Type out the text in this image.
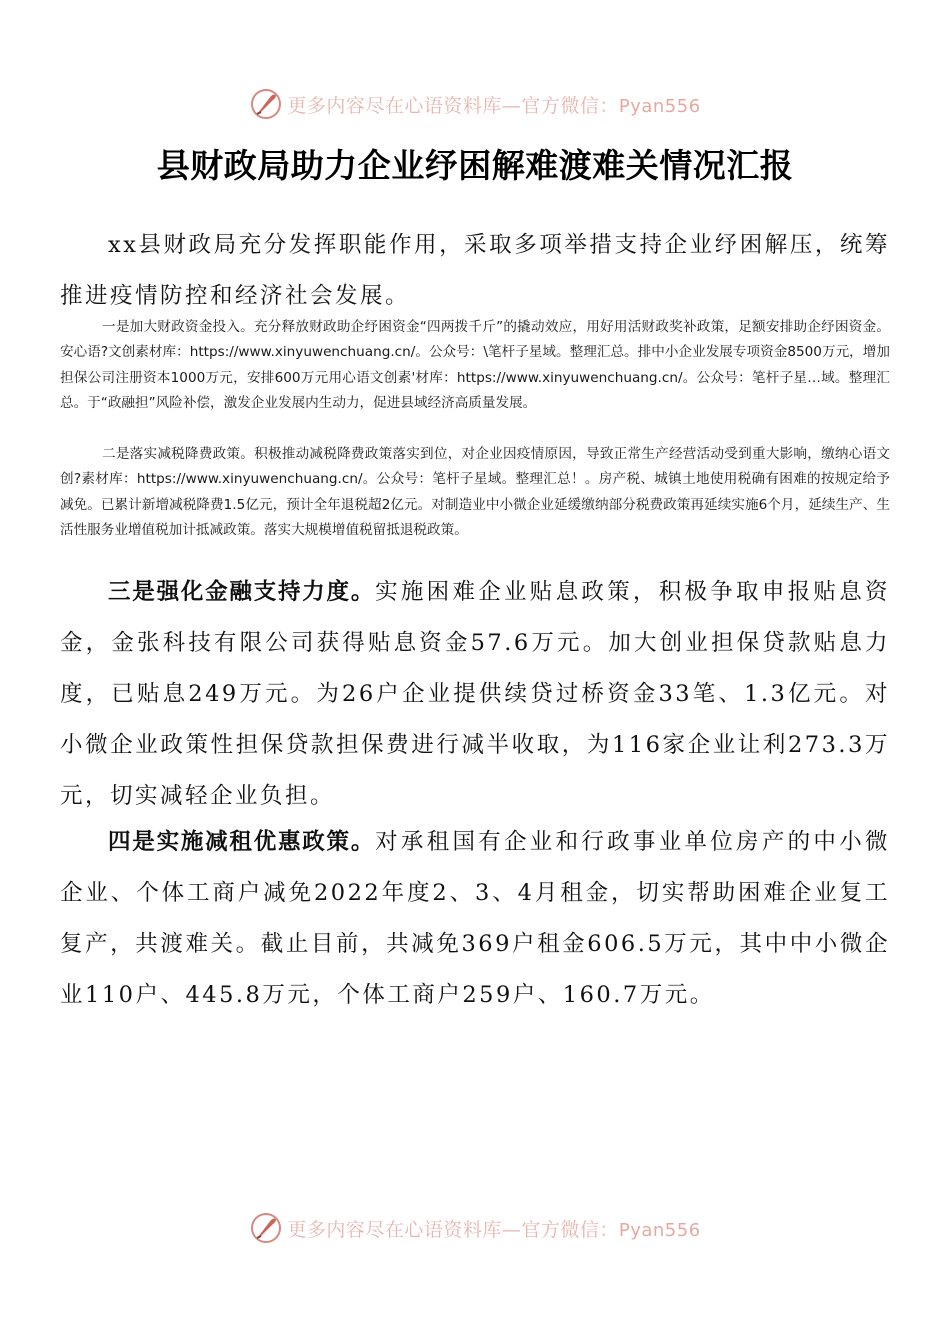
更多内容尽在心语资料库—官方微信：Pyan556
县财政局助力企业纾困解难渡难关情况汇报

xx县财政局充分发挥职能作用，采取多项举措支持企业纾困解压，统筹推进疫情防控和经济社会发展。

一是加大财政资金投入。充分释放财政助企纾困资金“四两拨千斤”的撬动效应，用好用活财政奖补政策，足额安排助企纾困资金。安心语?文创素材库：https://www.xinyuwenchuang.cn/。公众号：\笔杆子星域。整理汇总。排中小企业发展专项资金8500万元，增加担保公司注册资本1000万元，安排600万元用心语文创素'材库：https://www.xinyuwenchuang.cn/。公众号：笔杆子星…域。整理汇总。于“政融担”风险补偿，激发企业发展内生动力，促进县域经济高质量发展。

二是落实减税降费政策。积极推动减税降费政策落实到位，对企业因疫情原因，导致正常生产经营活动受到重大影响，缴纳心语文创?素材库：https://www.xinyuwenchuang.cn/。公众号：笔杆子星域。整理汇总！。房产税、城镇土地使用税确有困难的按规定给予减免。已累计新增减税降费1.5亿元，预计全年退税超2亿元。对制造业中小微企业延缓缴纳部分税费政策再延续实施6个月，延续生产、生活性服务业增值税加计抵减政策。落实大规模增值税留抵退税政策。

三是强化金融支持力度。实施困难企业贴息政策，积极争取申报贴息资金，金张科技有限公司获得贴息资金57.6万元。加大创业担保贷款贴息力度，已贴息249万元。为26户企业提供续贷过桥资金33笔、1.3亿元。对小微企业政策性担保贷款担保费进行减半收取，为116家企业让利273.3万元，切实减轻企业负担。

四是实施减租优惠政策。对承租国有企业和行政事业单位房产的中小微企业、个体工商户减免2022年度2、3、4月租金，切实帮助困难企业复工复产，共渡难关。截止目前，共减免369户租金606.5万元，其中中小微企业110户、445.8万元，个体工商户259户、160.7万元。

更多内容尽在心语资料库—官方微信：Pyan556
